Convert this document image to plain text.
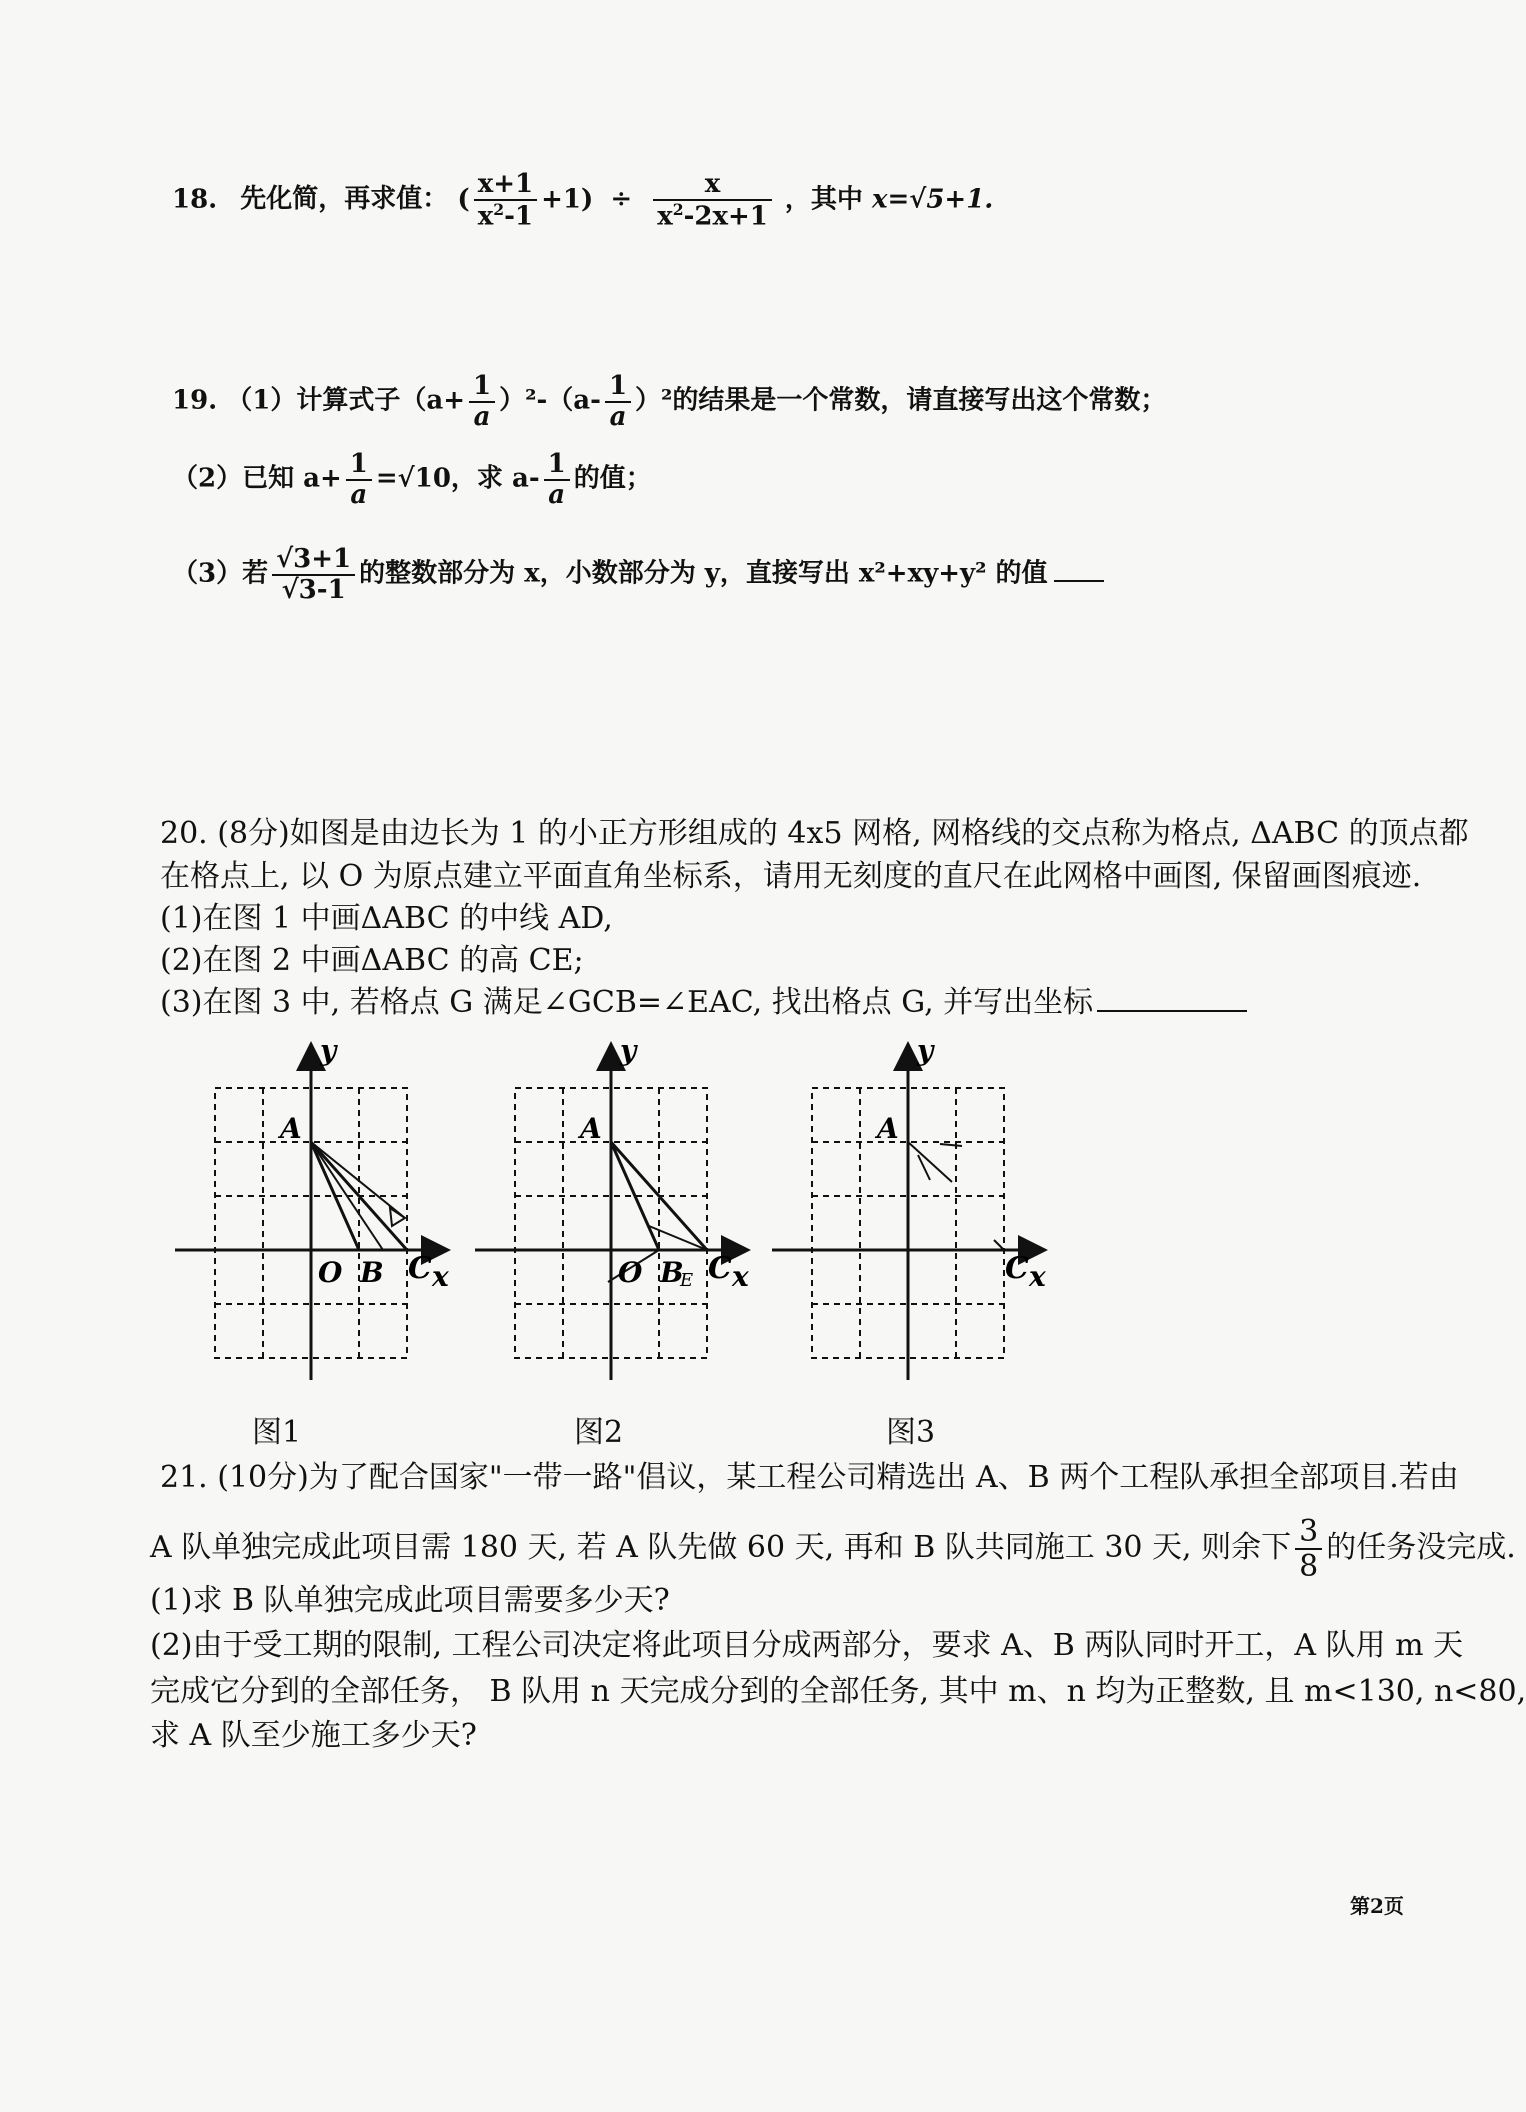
18. 先化简，再求值： ( $\frac{x+1}{x^2-1} +1) \div \frac{x}{x^2-2x+1}$ ，其中 x=√5+1.
19. （1）计算式子$(a+ \frac{1}{a} )^2-(a- \frac{1}{a} )^2$的结果是一个常数，请直接写出这个常数；
（2）已知 $a+ \frac{1}{a} =√10$，求 $a- \frac{1}{a}$ 的值；
（3）若 $\frac{√3+1}{√3-1}$ 的整数部分为 x，小数部分为 y，直接写出 x²+xy+y² 的值
20. (8分)如图是由边长为 1 的小正方形组成的 4x5 网格, 网格线的交点称为格点, ΔABC 的顶点都
在格点上, 以 O 为原点建立平面直角坐标系，请用无刻度的直尺在此网格中画图, 保留画图痕迹.
(1)在图 1 中画ΔABC 的中线 AD,
(2)在图 2 中画ΔABC 的高 CE;
(3)在图 3 中, 若格点 G 满足∠GCB=∠EAC, 找出格点 G, 并写出坐标
y
A
O B C x
y
A
O B
E C x
y
A
C x
图1	图2	图3
21. (10分)为了配合国家"一带一路"倡议，某工程公司精选出 A、B 两个工程队承担全部项目.若由
A 队单独完成此项目需 180 天, 若 A 队先做 60 天, 再和 B 队共同施工 30 天, 则余下 $\frac{3}{8}$ 的任务没完成.
(1)求 B 队单独完成此项目需要多少天?
(2)由于受工期的限制, 工程公司决定将此项目分成两部分，要求 A、B 两队同时开工，A 队用 m 天
完成它分到的全部任务， B 队用 n 天完成分到的全部任务, 其中 m、n 均为正整数, 且 m<130, n<80,
求 A 队至少施工多少天?
第2页
